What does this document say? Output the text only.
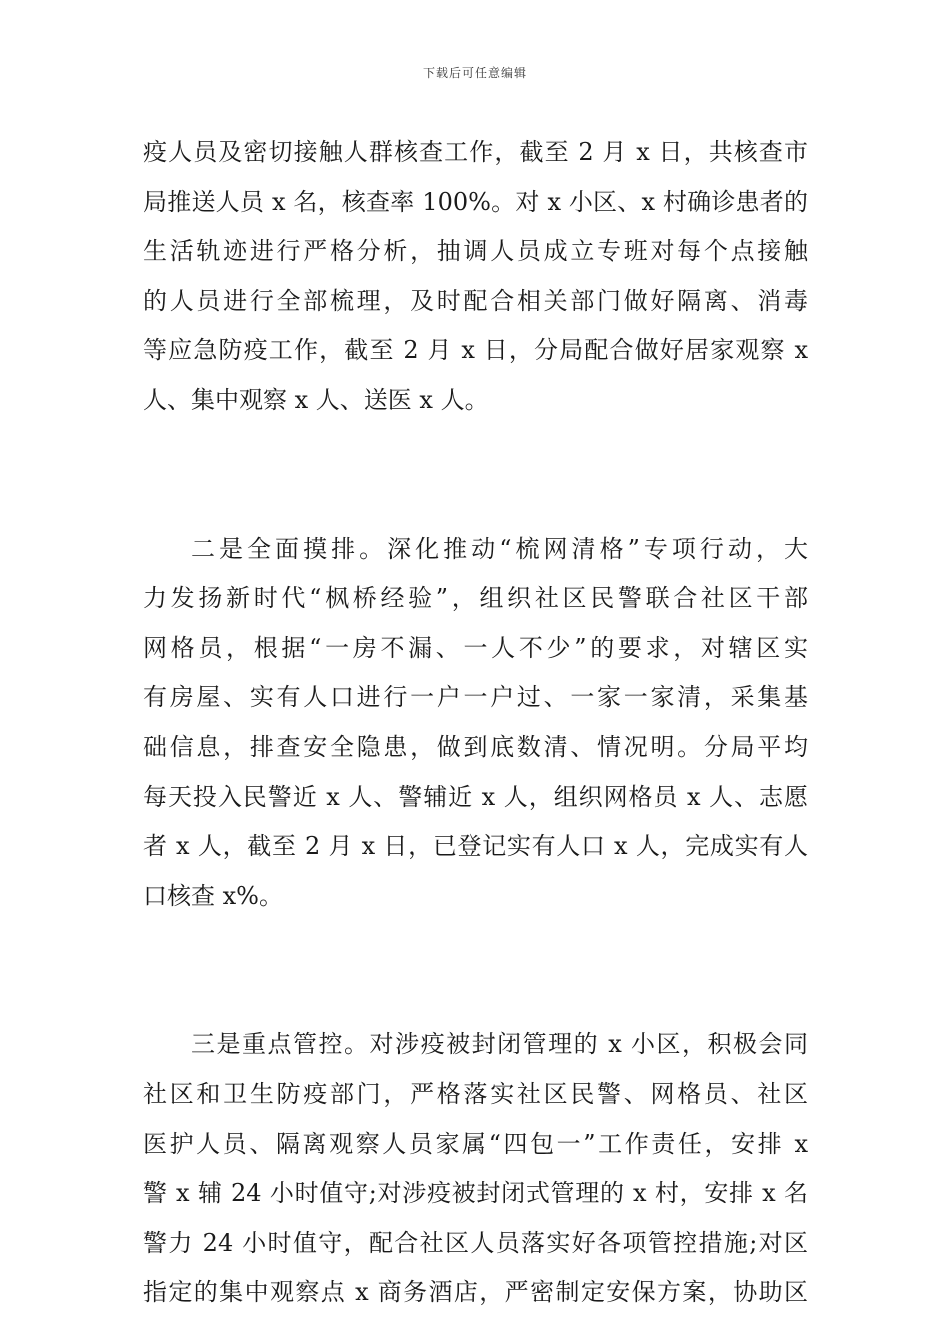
下载后可任意编辑
疫人员及密切接触人群核查工作，截至 2 月 x 日，共核查市
局推送人员 x 名，核查率 100%。对 x 小区、x 村确诊患者的
生活轨迹进行严格分析，抽调人员成立专班对每个点接触
的人员进行全部梳理，及时配合相关部门做好隔离、消毒
等应急防疫工作，截至 2 月 x 日，分局配合做好居家观察 x
人、集中观察 x 人、送医 x 人。
二是全面摸排。深化推动“梳网清格”专项行动，大
力发扬新时代“枫桥经验”，组织社区民警联合社区干部
网格员，根据“一房不漏、一人不少”的要求，对辖区实
有房屋、实有人口进行一户一户过、一家一家清，采集基
础信息，排查安全隐患，做到底数清、情况明。分局平均
每天投入民警近 x 人、警辅近 x 人，组织网格员 x 人、志愿
者 x 人，截至 2 月 x 日，已登记实有人口 x 人，完成实有人
口核查 x%。
三是重点管控。对涉疫被封闭管理的 x 小区，积极会同
社区和卫生防疫部门，严格落实社区民警、网格员、社区
医护人员、隔离观察人员家属“四包一”工作责任，安排 x
警 x 辅 24 小时值守;对涉疫被封闭式管理的 x 村，安排 x 名
警力 24 小时值守，配合社区人员落实好各项管控措施;对区
指定的集中观察点 x 商务酒店，严密制定安保方案，协助区
